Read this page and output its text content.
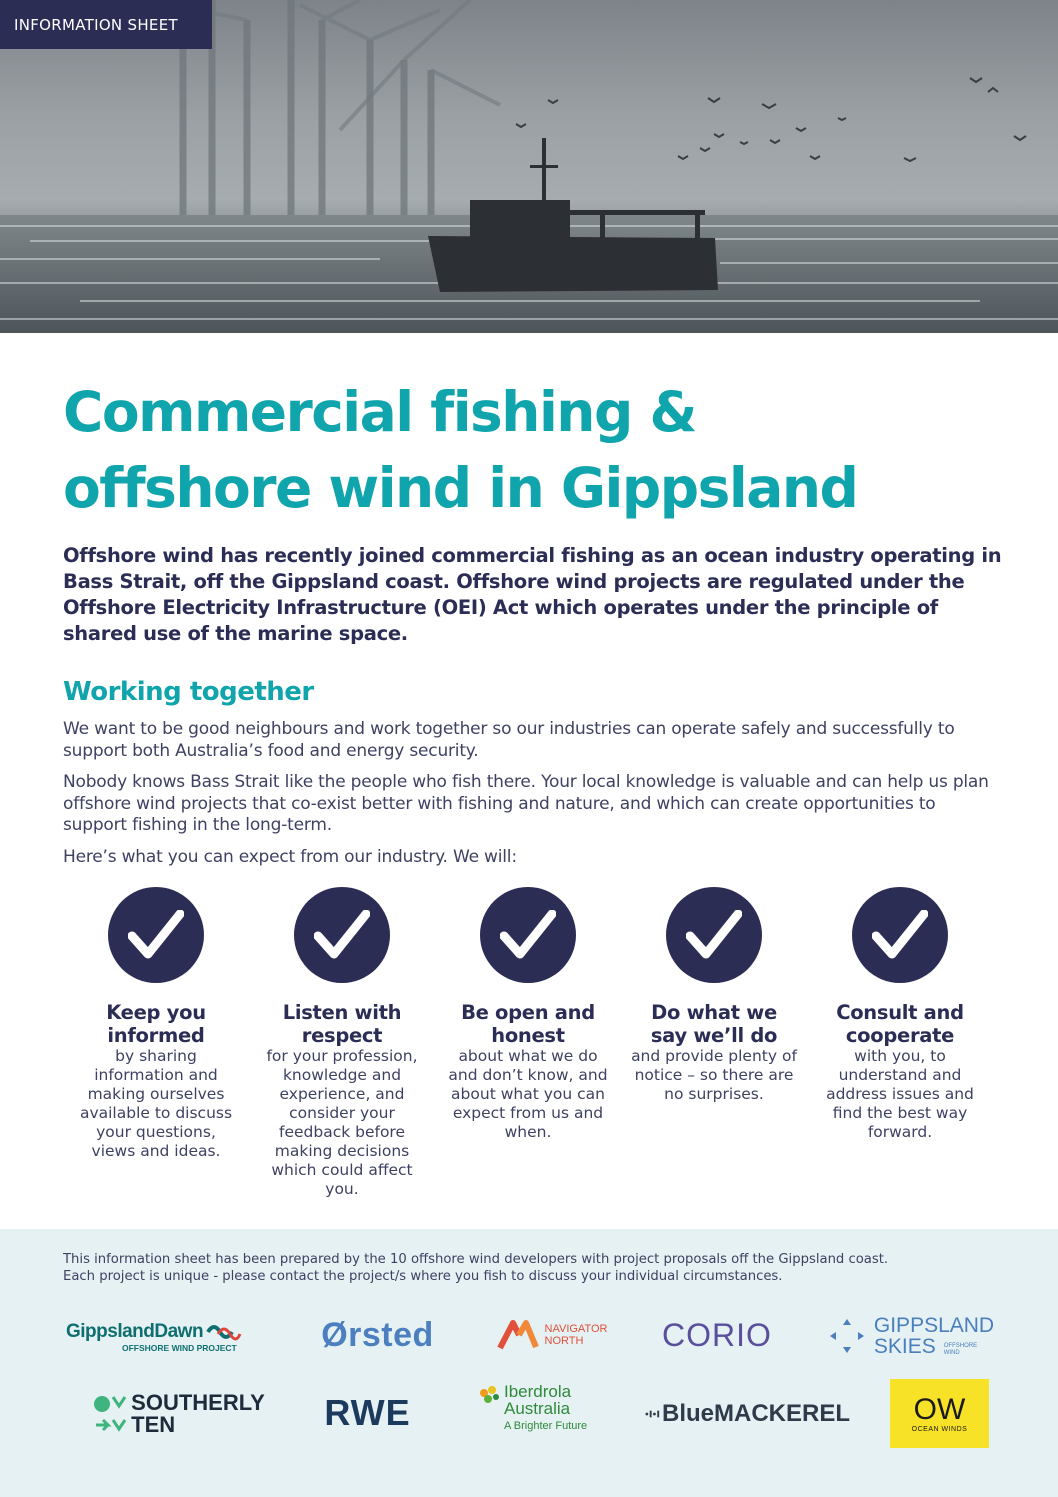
INFORMATION SHEET
Commercial fishing &
offshore wind in Gippsland

Offshore wind has recently joined commercial fishing as an ocean industry operating in Bass Strait, off the Gippsland coast. Offshore wind projects are regulated under the Offshore Electricity Infrastructure (OEI) Act which operates under the principle of shared use of the marine space.

Working together

We want to be good neighbours and work together so our industries can operate safely and successfully to support both Australia’s food and energy security.

Nobody knows Bass Strait like the people who fish there. Your local knowledge is valuable and can help us plan offshore wind projects that co-exist better with fishing and nature, and which can create opportunities to support fishing in the long-term.

Here’s what you can expect from our industry. We will:

Keep you informed
by sharing information and making ourselves available to discuss your questions, views and ideas.
Listen with respect
for your profession, knowledge and experience, and consider your feedback before making decisions which could affect you.
Be open and honest
about what we do and don’t know, and about what you can expect from us and when.
Do what we say we’ll do
and provide plenty of notice – so there are no surprises.
Consult and cooperate
with you, to understand and address issues and find the best way forward.
This information sheet has been prepared by the 10 offshore wind developers with project proposals off the Gippsland coast.
Each project is unique - please contact the project/s where you fish to discuss your individual circumstances.
GippslandDawn
OFFSHORE WIND PROJECT Ørsted	NAVIGATOR
NORTH	CORIO	GIPPSLAND
SKIES OFFSHORE WIND
SOUTHERLY
TEN	RWE
Iberdrola
Australia
A Brighter Future	Blue MACKEREL OW
OCEAN WINDS
